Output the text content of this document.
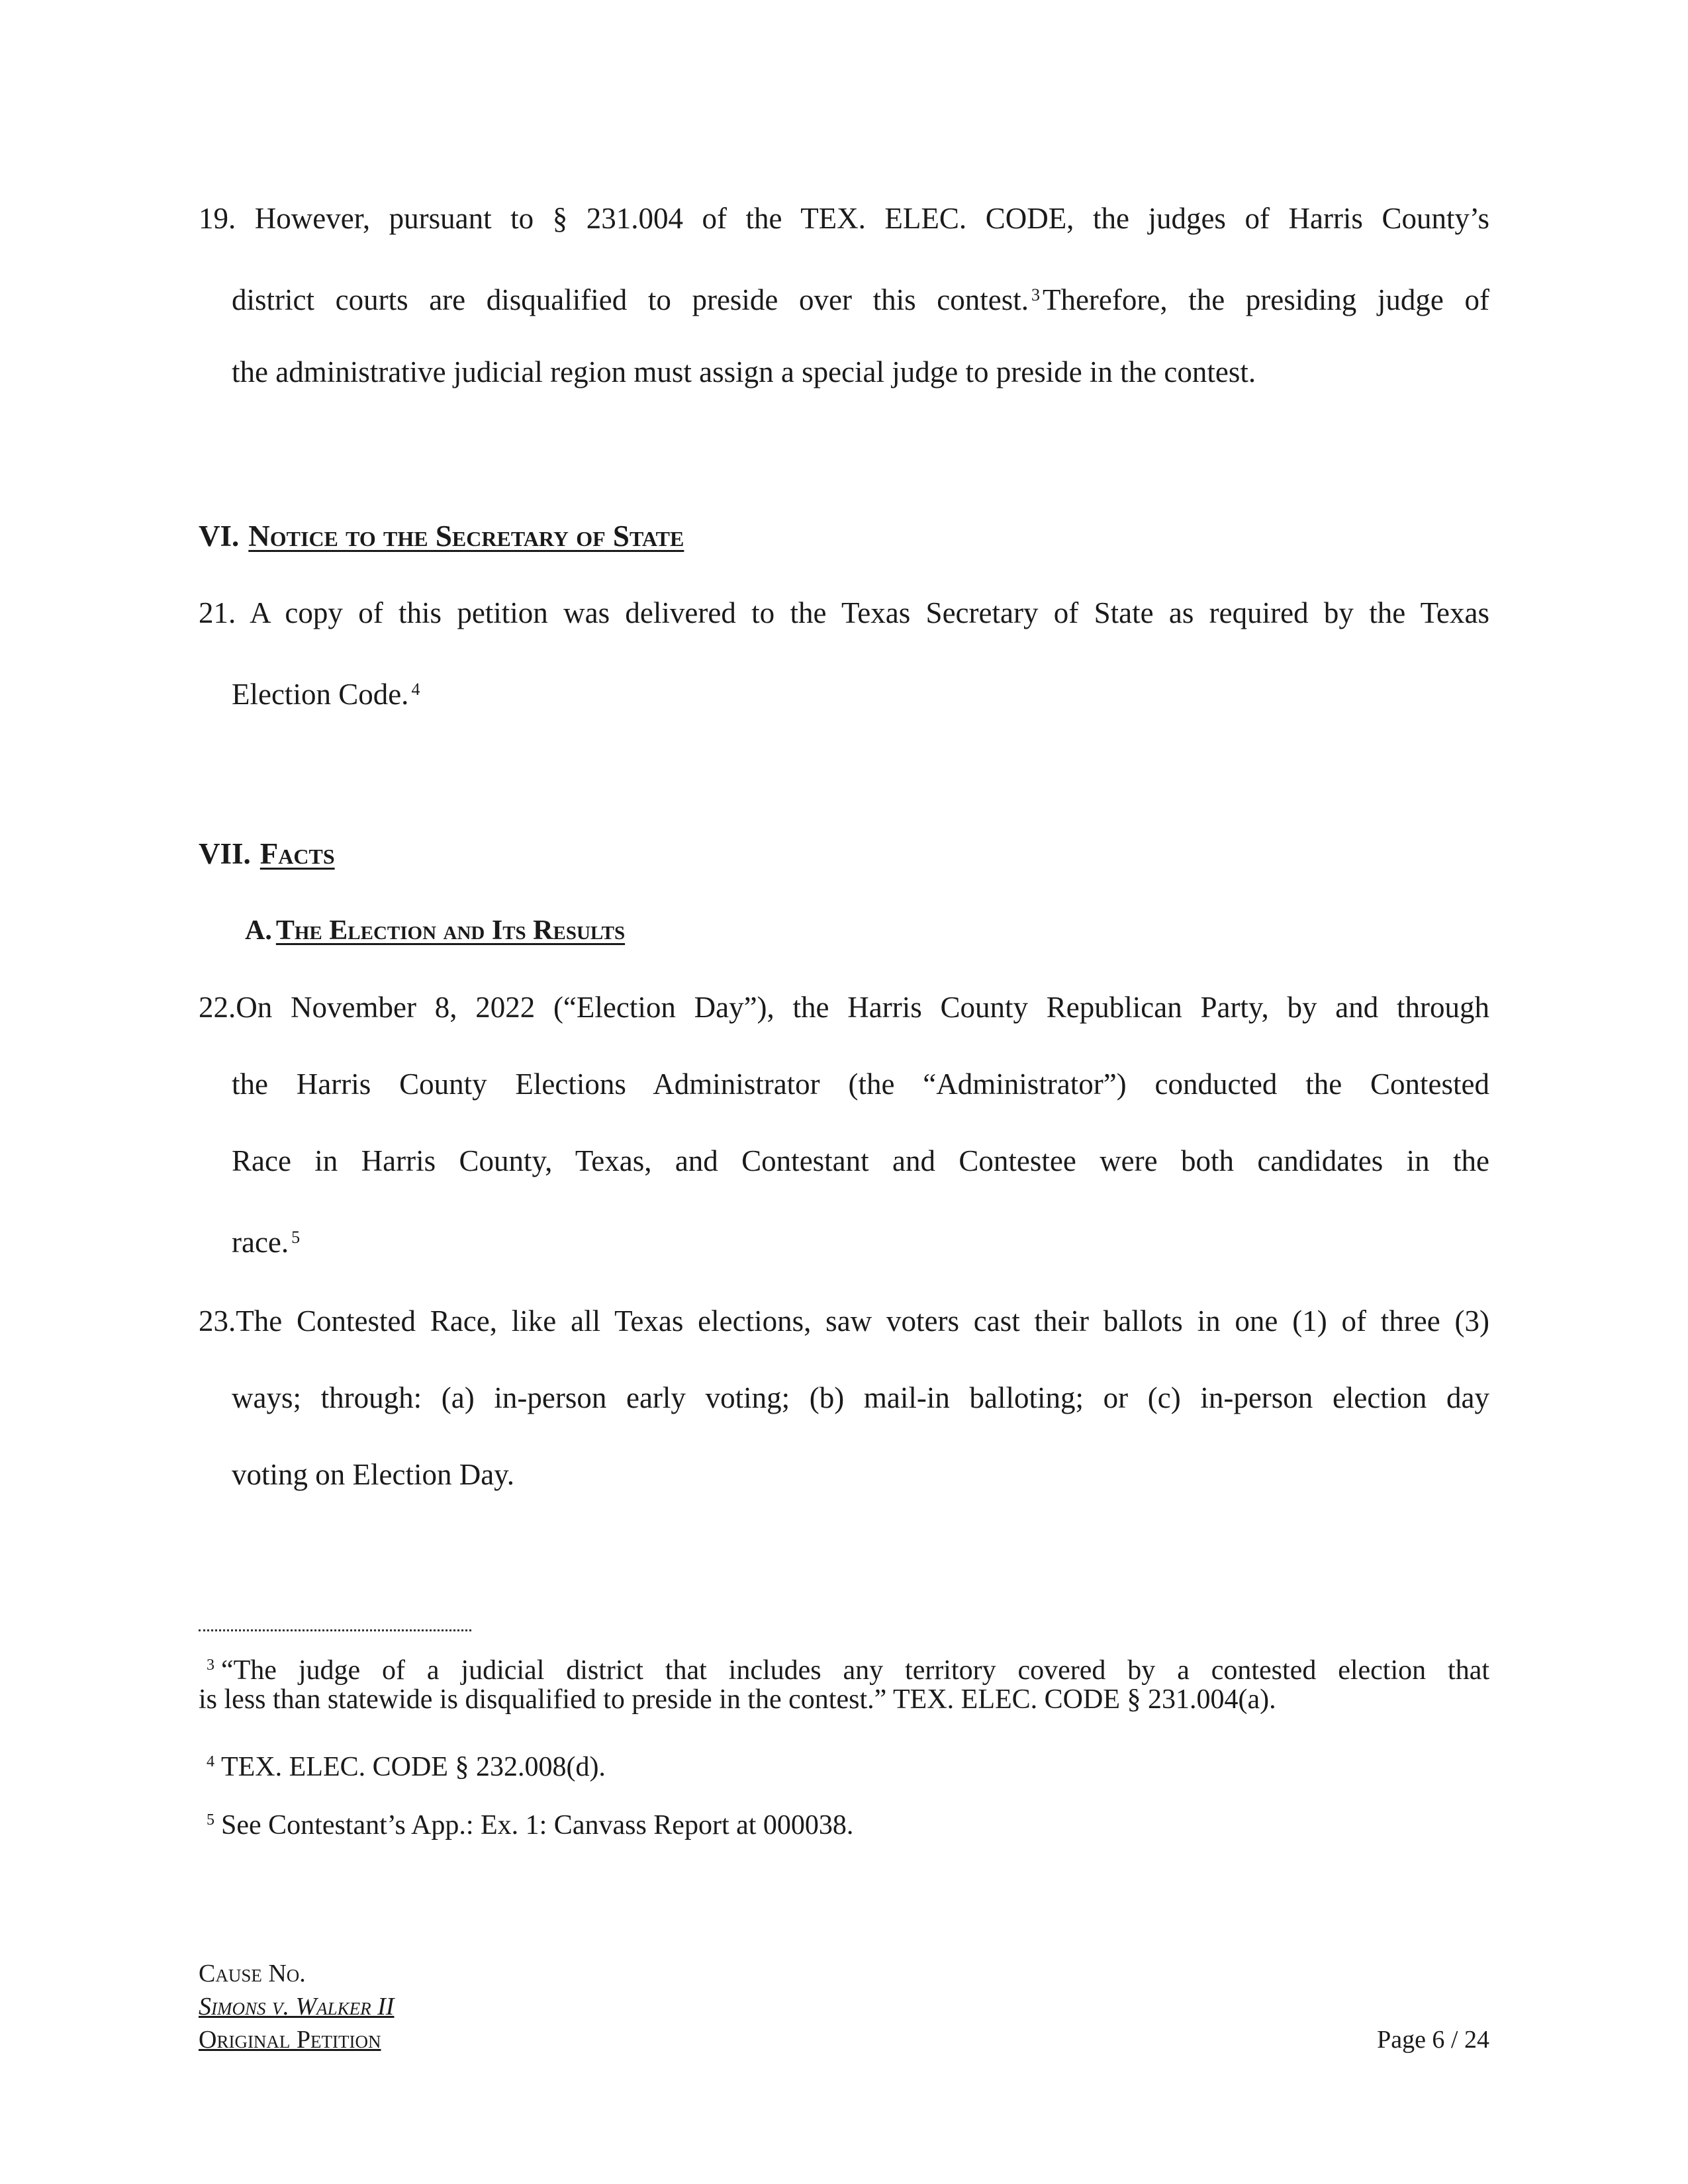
19. However, pursuant to § 231.004 of the TEX. ELEC. CODE, the judges of Harris County’s

district courts are disqualified to preside over this contest. $^3$Therefore, the presiding judge of

the administrative judicial region must assign a special judge to preside in the contest.

VI. Notice to the Secretary of State

21. A copy of this petition was delivered to the Texas Secretary of State as required by the Texas

Election Code. $^4$

VII. Facts
A. The Election and Its Results

22.On November 8, 2022 (“Election Day”), the Harris County Republican Party, by and through

the Harris County Elections Administrator (the “Administrator”) conducted the Contested

Race in Harris County, Texas, and Contestant and Contestee were both candidates in the

race. $^5$

23.The Contested Race, like all Texas elections, saw voters cast their ballots in one (1) of three (3)

ways; through: (a) in-person early voting; (b) mail-in balloting; or (c) in-person election day

voting on Election Day.

$^3$ “The judge of a judicial district that includes any territory covered by a contested election that

is less than statewide is disqualified to preside in the contest.” TEX. ELEC. CODE § 231.004(a).

$^4$ TEX. ELEC. CODE § 232.008(d).

$^5$ See Contestant’s App.: Ex. 1: Canvass Report at 000038.

Cause No.

Simons v. Walker II

Original Petition	Page 6 / 24
